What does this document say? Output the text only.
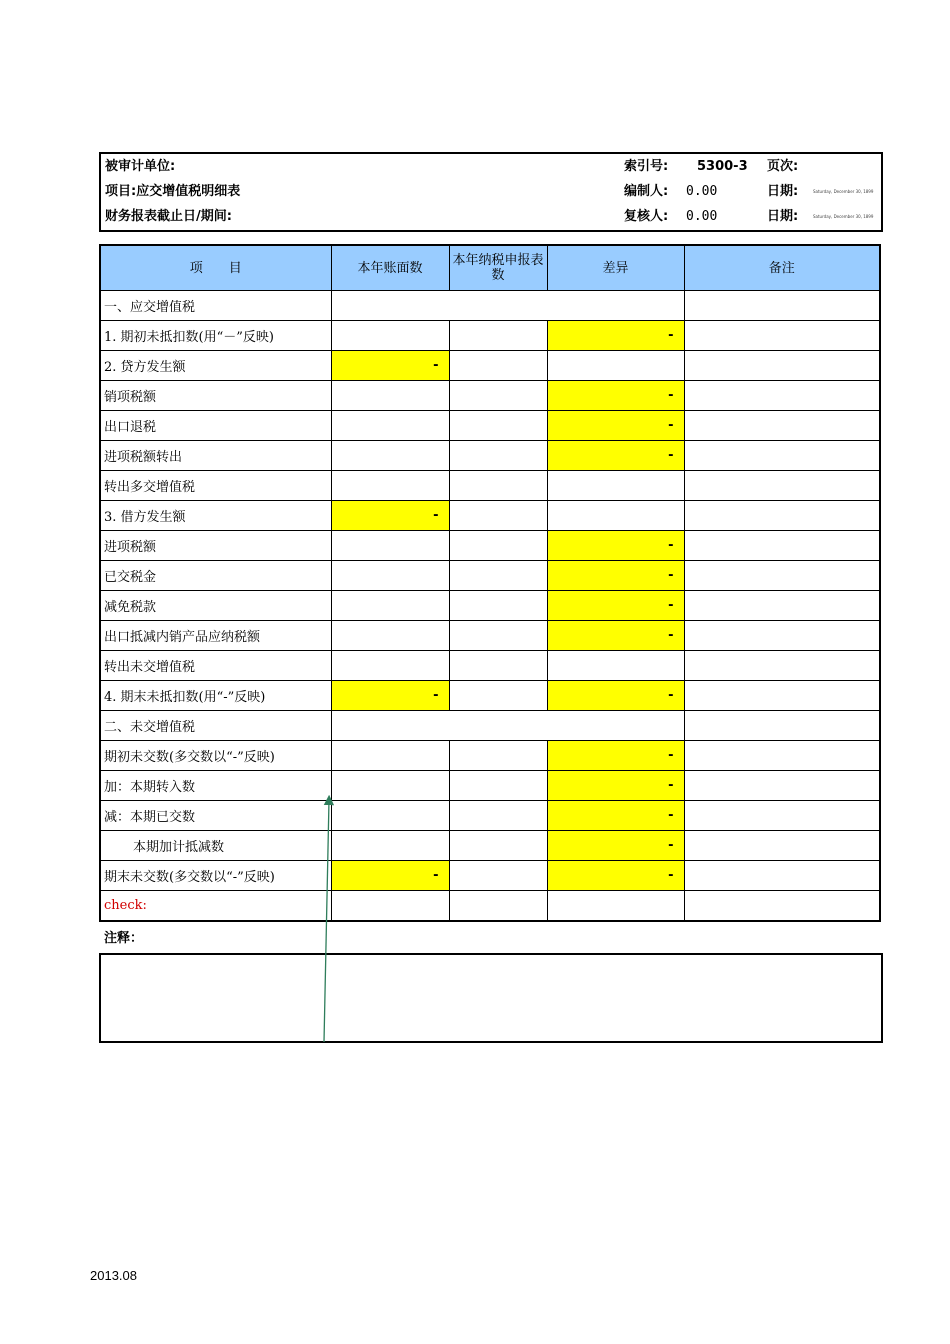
被审计单位:
项目:应交增值税明细表
财务报表截止日/期间:
索引号: 5300-3 页次:
编制人: 0.00	日期:	Saturday, December 30, 1899
复核人: 0.00	日期:	Saturday, December 30, 1899
项　　目	本年账面数	本年纳税申报表数	差异	备注
一、应交增值税				
1. 期初未抵扣数(用“－”反映)			-	
2. 贷方发生额	-			
销项税额			-	
出口退税			-	
进项税额转出			-	
转出多交增值税				
3. 借方发生额	-			
进项税额			-	
已交税金			-	
减免税款			-	
出口抵减内销产品应纳税额			-	
转出未交增值税				
4. 期末未抵扣数(用“-”反映)	-		-	
二、未交增值税				
期初未交数(多交数以“-”反映)			-	
加：本期转入数			-	
减：本期已交数			-	
本期加计抵减数			-	
期末未交数(多交数以“-”反映)	-		-	
check:				
注释：
2013.08
